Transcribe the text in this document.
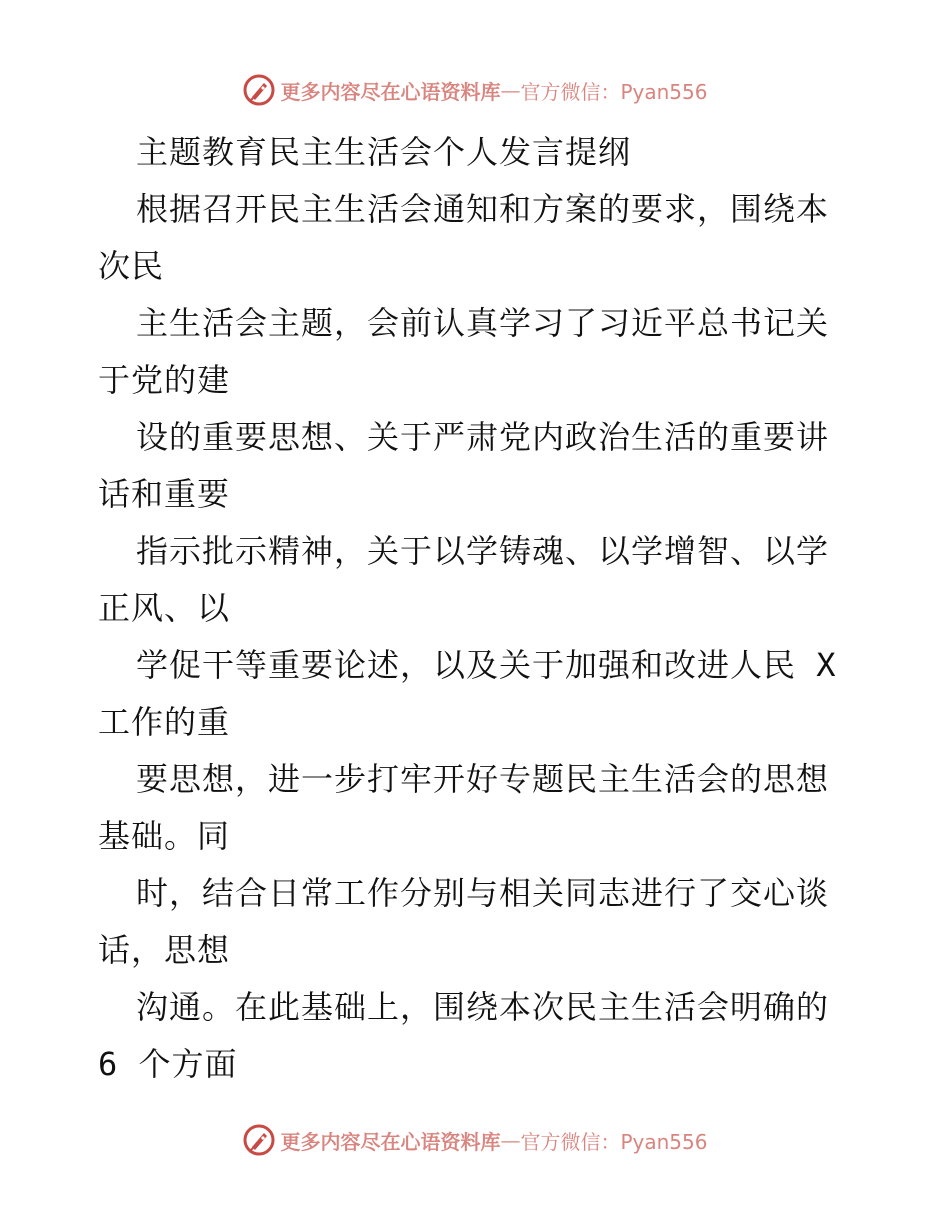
更多内容尽在心语资料库 — 官方微信：Pyan556
主题教育民主生活会个人发言提纲
根据召开民主生活会通知和方案的要求，围绕本
次民
主生活会主题，会前认真学习了习近平总书记关
于党的建
设的重要思想、关于严肃党内政治生活的重要讲
话和重要
指示批示精神，关于以学铸魂、以学增智、以学
正风、以
学促干等重要论述，以及关于加强和改进人民 X
工作的重
要思想，进一步打牢开好专题民主生活会的思想
基础。同
时，结合日常工作分别与相关同志进行了交心谈
话，思想
沟通。在此基础上，围绕本次民主生活会明确的
6 个方面
更多内容尽在心语资料库 — 官方微信：Pyan556
